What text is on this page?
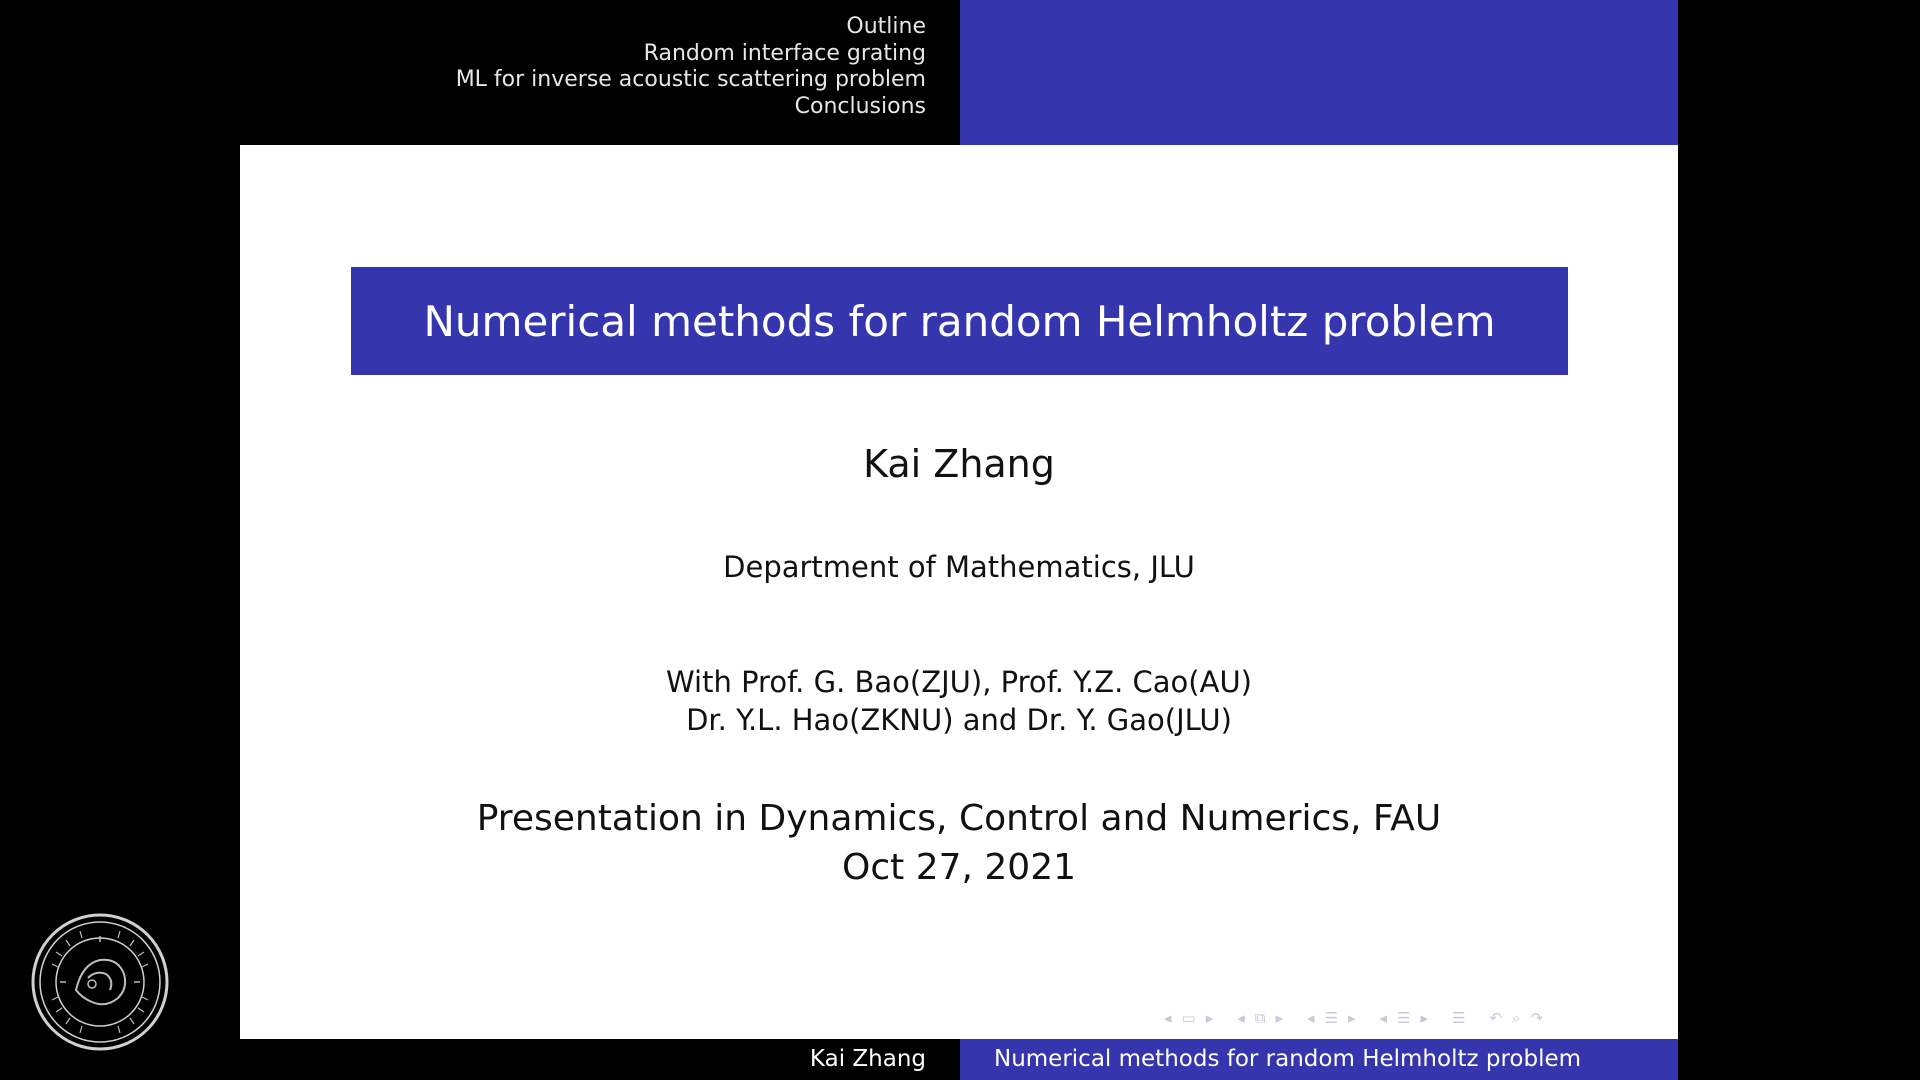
Outline
Random interface grating
ML for inverse acoustic scattering problem
Conclusions
Numerical methods for random Helmholtz problem
Kai Zhang
Department of Mathematics, JLU
With Prof. G. Bao(ZJU), Prof. Y.Z. Cao(AU)
Dr. Y.L. Hao(ZKNU) and Dr. Y. Gao(JLU)
Presentation in Dynamics, Control and Numerics, FAU
Oct 27, 2021
◂ ▭ ▸ ◂ ⧉ ▸ ◂ ☰ ▸ ◂ ☰ ▸ ☰ ↶ ⌕ ↷
Kai Zhang	Numerical methods for random Helmholtz problem
